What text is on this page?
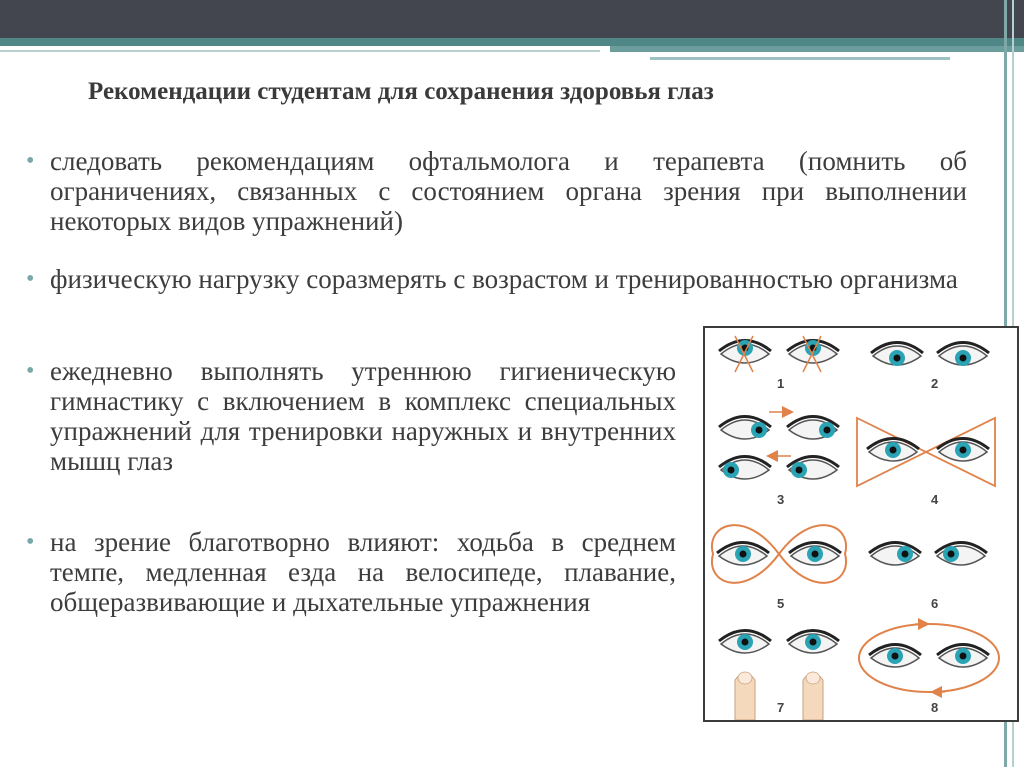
Рекомендации студентам для сохранения здоровья глаз
• следовать рекомендациям офтальмолога и терапевта (помнить об ограничениях, связанных с состоянием органа зрения при выполнении некоторых видов упражнений)
• физическую нагрузку соразмерять с возрастом и тренированностью организма
• ежедневно выполнять утреннюю гигиеническую гимнастику с включением в комплекс специальных упражнений для тренировки наружных и внутренних мышц глаз
• на зрение благотворно влияют: ходьба в среднем темпе, медленная езда на велосипеде, плавание, общеразвивающие и дыхательные упражнения
1	2
3	4
5	6
7	8
